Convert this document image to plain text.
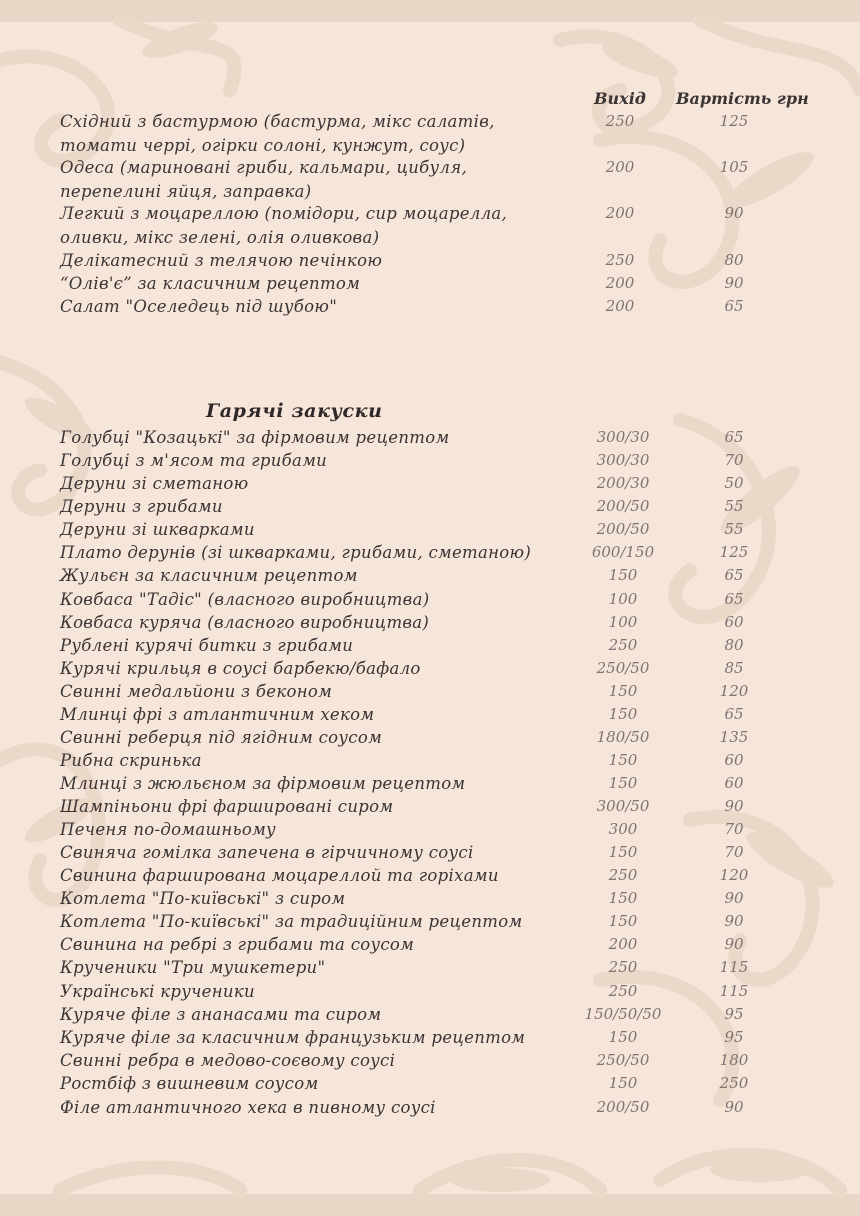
Вихід Вартість грн
Східний з бастурмою (бастурма, мікс салатів,	250	125
томати черрі, огірки солоні, кунжут, соус)
Одеса (мариновані гриби, кальмари, цибуля,	200	105
перепелині яйця, заправка)
Легкий з моцареллою (помідори, сир моцарелла,	200	90
оливки, мікс зелені, олія оливкова)
Делікатесний з телячою печінкою	250	80
“Олів'є” за класичним рецептом	200	90
Салат "Оселедець під шубою"	200	65
Гарячі закуски
Голубці "Козацькі" за фірмовим рецептом	300/30	65
Голубці з м'ясом та грибами	300/30	70
Деруни зі сметаною	200/30	50
Деруни з грибами	200/50	55
Деруни зі шкварками	200/50	55
Плато дерунів (зі шкварками, грибами, сметаною)	600/150	125
Жульєн за класичним рецептом	150	65
Ковбаса "Тадіс" (власного виробництва)	100	65
Ковбаса куряча (власного виробництва)	100	60
Рублені курячі битки з грибами	250	80
Курячі крильця в соусі барбекю/бафало	250/50	85
Свинні медальйони з беконом	150	120
Млинці фрі з атлантичним хеком	150	65
Свинні реберця під ягідним соусом	180/50	135
Рибна скринька	150	60
Млинці з жюльєном за фірмовим рецептом	150	60
Шампіньони фрі фаршировані сиром	300/50	90
Печеня по-домашньому	300	70
Свиняча гомілка запечена в гірчичному соусі	150	70
Свинина фарширована моцареллой та горіхами	250	120
Котлета "По-київські" з сиром	150	90
Котлета "По-київські" за традиційним рецептом	150	90
Свинина на ребрі з грибами та соусом	200	90
Крученики "Три мушкетери"	250	115
Українські крученики	250	115
Куряче філе з ананасами та сиром	150/50/50	95
Куряче філе за класичним французьким рецептом	150	95
Свинні ребра в медово-соєвому соусі	250/50	180
Ростбіф з вишневим соусом	150	250
Філе атлантичного хека в пивному соусі	200/50	90
